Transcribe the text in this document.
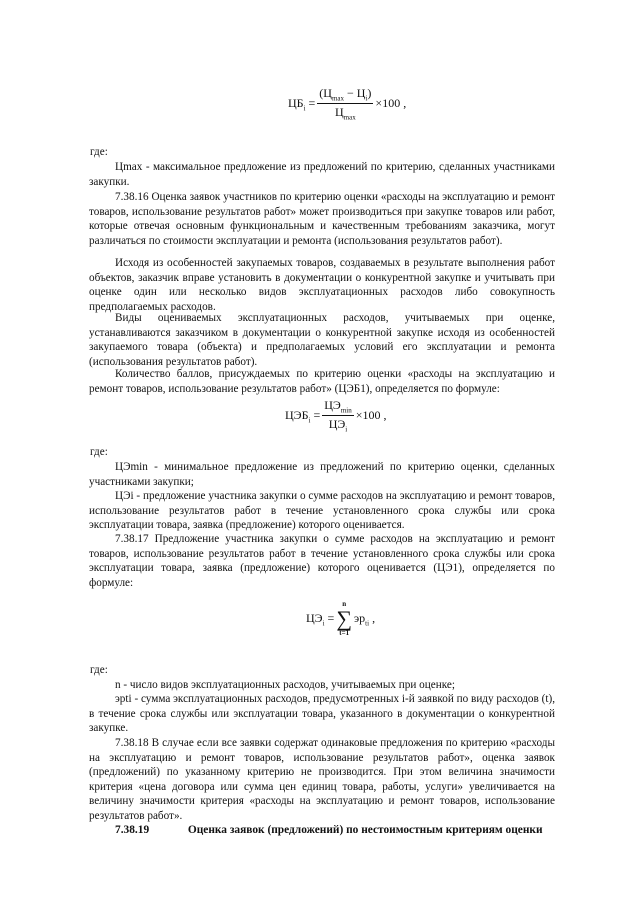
$ЦБ_i = \frac{(Ц_{max} - Ц_i)}{Ц_{max}} \times 100$ ,
где:

Цmax - максимальное предложение из предложений по критерию, сделанных участниками закупки.

7.38.16 Оценка заявок участников по критерию оценки «расходы на эксплуатацию и ремонт товаров, использование результатов работ» может производиться при закупке товаров или работ, которые отвечая основным функциональным и качественным требованиям заказчика, могут различаться по стоимости эксплуатации и ремонта (использования результатов работ).

Исходя из особенностей закупаемых товаров, создаваемых в результате выполнения работ объектов, заказчик вправе установить в документации о конкурентной закупке и учитывать при оценке один или несколько видов эксплуатационных расходов либо совокупность предполагаемых расходов.

Виды оцениваемых эксплуатационных расходов, учитываемых при оценке, устанавливаются заказчиком в документации о конкурентной закупке исходя из особенностей закупаемого товара (объекта) и предполагаемых условий его эксплуатации и ремонта (использования результатов работ).

Количество баллов, присуждаемых по критерию оценки «расходы на эксплуатацию и ремонт товаров, использование результатов работ» (ЦЭБ1), определяется по формуле:

$ЦЭБ_i = \frac{ЦЭ_{min}}{ЦЭ_i} \times 100$ ,
где:

ЦЭmin - минимальное предложение из предложений по критерию оценки, сделанных участниками закупки;

ЦЭi - предложение участника закупки о сумме расходов на эксплуатацию и ремонт товаров, использование результатов работ в течение установленного срока службы или срока эксплуатации товара, заявка (предложение) которого оценивается.

7.38.17 Предложение участника закупки о сумме расходов на эксплуатацию и ремонт товаров, использование результатов работ в течение установленного срока службы или срока эксплуатации товара, заявка (предложение) которого оценивается (ЦЭ1), определяется по формуле:

$ЦЭ_i$ =
n
∑
t=1
$эр_{ti}$ ,
где:

n - число видов эксплуатационных расходов, учитываемых при оценке;

эрti - сумма эксплуатационных расходов, предусмотренных i-й заявкой по виду расходов (t), в течение срока службы или эксплуатации товара, указанного в документации о конкурентной закупке.

7.38.18 В случае если все заявки содержат одинаковые предложения по критерию «расходы на эксплуатацию и ремонт товаров, использование результатов работ», оценка заявок (предложений) по указанному критерию не производится. При этом величина значимости критерия «цена договора или сумма цен единиц товара, работы, услуги» увеличивается на величину значимости критерия «расходы на эксплуатацию и ремонт товаров, использование результатов работ».

7.38.19	Оценка заявок (предложений) по нестоимостным критериям оценки
